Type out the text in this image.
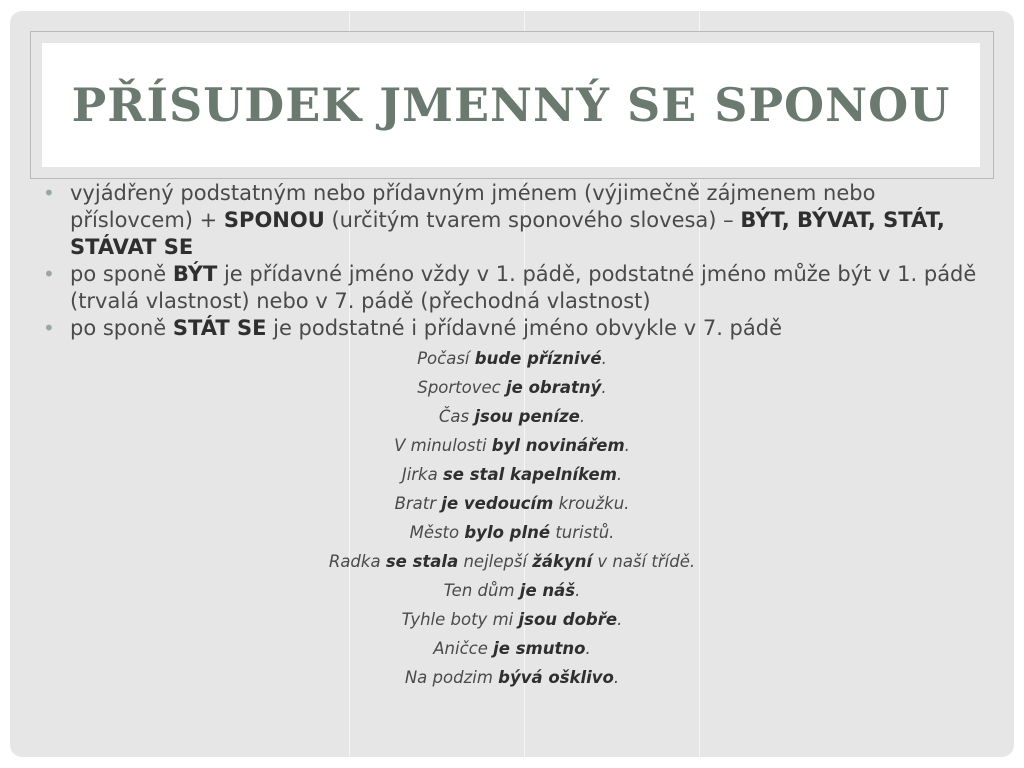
PŘÍSUDEK JMENNÝ SE SPONOU
• vyjádřený podstatným nebo přídavným jménem (výjimečně zájmenem nebo příslovcem) + SPONOU (určitým tvarem sponového slovesa) – BÝT, BÝVAT, STÁT, STÁVAT SE
• po sponě BÝT je přídavné jméno vždy v 1. pádě, podstatné jméno může být v 1. pádě (trvalá vlastnost) nebo v 7. pádě (přechodná vlastnost)
• po sponě STÁT SE je podstatné i přídavné jméno obvykle v 7. pádě
Počasí bude příznivé.
Sportovec je obratný.
Čas jsou peníze.
V minulosti byl novinářem.
Jirka se stal kapelníkem.
Bratr je vedoucím kroužku.
Město bylo plné turistů.
Radka se stala nejlepší žákyní v naší třídě.
Ten dům je náš.
Tyhle boty mi jsou dobře.
Aničce je smutno.
Na podzim bývá ošklivo.
